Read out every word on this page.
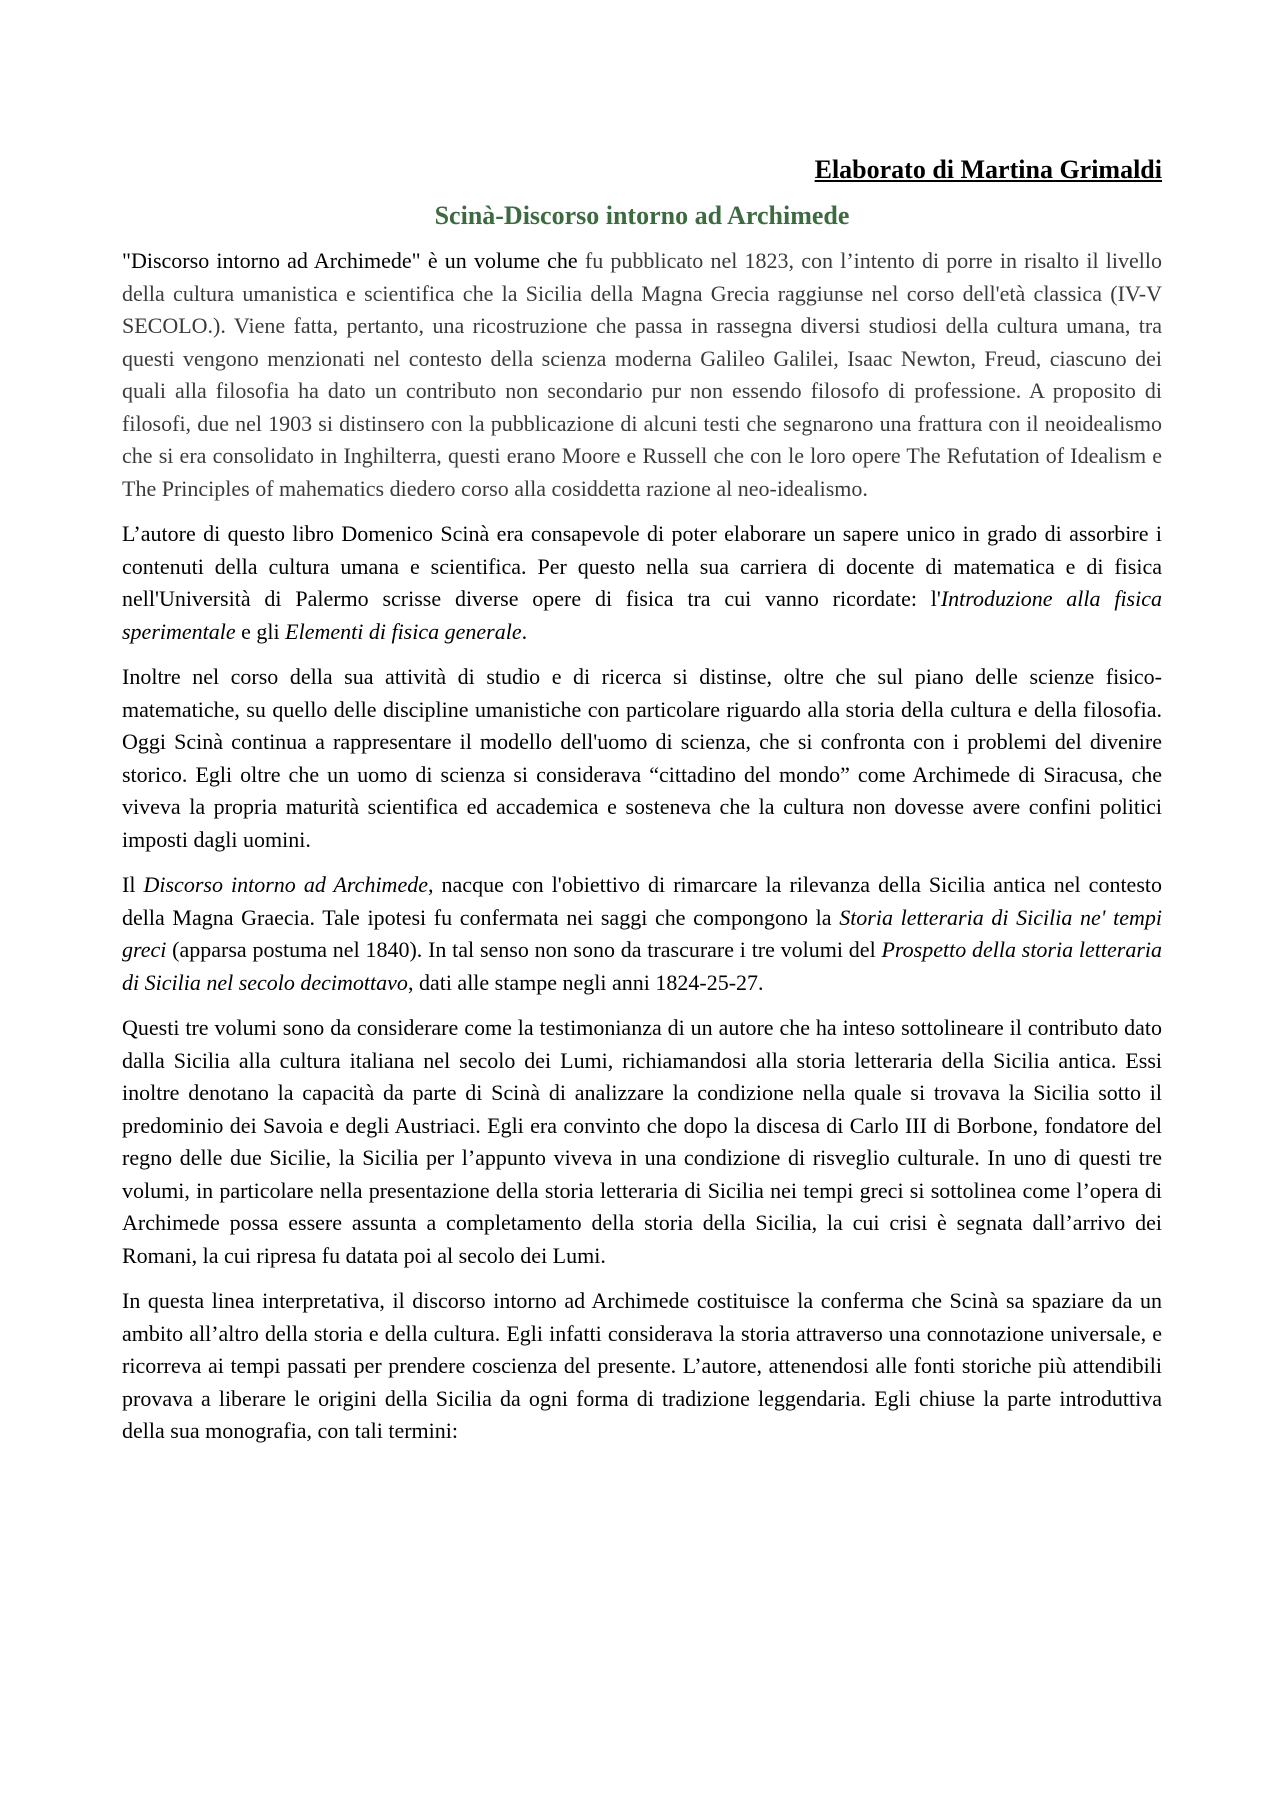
Elaborato di Martina Grimaldi

Scinà-Discorso intorno ad Archimede

"Discorso intorno ad Archimede" è un volume che fu pubblicato nel 1823, con l’intento di porre in risalto il livello della cultura umanistica e scientifica che la Sicilia della Magna Grecia raggiunse nel corso dell'età classica (IV-V SECOLO.). Viene fatta, pertanto, una ricostruzione che passa in rassegna diversi studiosi della cultura umana, tra questi vengono menzionati nel contesto della scienza moderna Galileo Galilei, Isaac Newton, Freud, ciascuno dei quali alla filosofia ha dato un contributo non secondario pur non essendo filosofo di professione. A proposito di filosofi, due nel 1903 si distinsero con la pubblicazione di alcuni testi che segnarono una frattura con il neoidealismo che si era consolidato in Inghilterra, questi erano Moore e Russell che con le loro opere The Refutation of Idealism e The Principles of mahematics diedero corso alla cosiddetta razione al neo-idealismo.

L’autore di questo libro Domenico Scinà era consapevole di poter elaborare un sapere unico in grado di assorbire i contenuti della cultura umana e scientifica. Per questo nella sua carriera di docente di matematica e di fisica nell'Università di Palermo scrisse diverse opere di fisica tra cui vanno ricordate: l'Introduzione alla fisica sperimentale e gli Elementi di fisica generale.

Inoltre nel corso della sua attività di studio e di ricerca si distinse, oltre che sul piano delle scienze fisico-matematiche, su quello delle discipline umanistiche con particolare riguardo alla storia della cultura e della filosofia. Oggi Scinà continua a rappresentare il modello dell'uomo di scienza, che si confronta con i problemi del divenire storico. Egli oltre che un uomo di scienza si considerava “cittadino del mondo” come Archimede di Siracusa, che viveva la propria maturità scientifica ed accademica e sosteneva che la cultura non dovesse avere confini politici imposti dagli uomini.

Il Discorso intorno ad Archimede, nacque con l'obiettivo di rimarcare la rilevanza della Sicilia antica nel contesto della Magna Graecia. Tale ipotesi fu confermata nei saggi che compongono la Storia letteraria di Sicilia ne' tempi greci (apparsa postuma nel 1840). In tal senso non sono da trascurare i tre volumi del Prospetto della storia letteraria di Sicilia nel secolo decimottavo, dati alle stampe negli anni 1824-25-27.

Questi tre volumi sono da considerare come la testimonianza di un autore che ha inteso sottolineare il contributo dato dalla Sicilia alla cultura italiana nel secolo dei Lumi, richiamandosi alla storia letteraria della Sicilia antica. Essi inoltre denotano la capacità da parte di Scinà di analizzare la condizione nella quale si trovava la Sicilia sotto il predominio dei Savoia e degli Austriaci. Egli era convinto che dopo la discesa di Carlo III di Borbone, fondatore del regno delle due Sicilie, la Sicilia per l’appunto viveva in una condizione di risveglio culturale. In uno di questi tre volumi, in particolare nella presentazione della storia letteraria di Sicilia nei tempi greci si sottolinea come l’opera di Archimede possa essere assunta a completamento della storia della Sicilia, la cui crisi è segnata dall’arrivo dei Romani, la cui ripresa fu datata poi al secolo dei Lumi.

In questa linea interpretativa, il discorso intorno ad Archimede costituisce la conferma che Scinà sa spaziare da un ambito all’altro della storia e della cultura. Egli infatti considerava la storia attraverso una connotazione universale, e ricorreva ai tempi passati per prendere coscienza del presente. L’autore, attenendosi alle fonti storiche più attendibili provava a liberare le origini della Sicilia da ogni forma di tradizione leggendaria. Egli chiuse la parte introduttiva della sua monografia, con tali termini:
